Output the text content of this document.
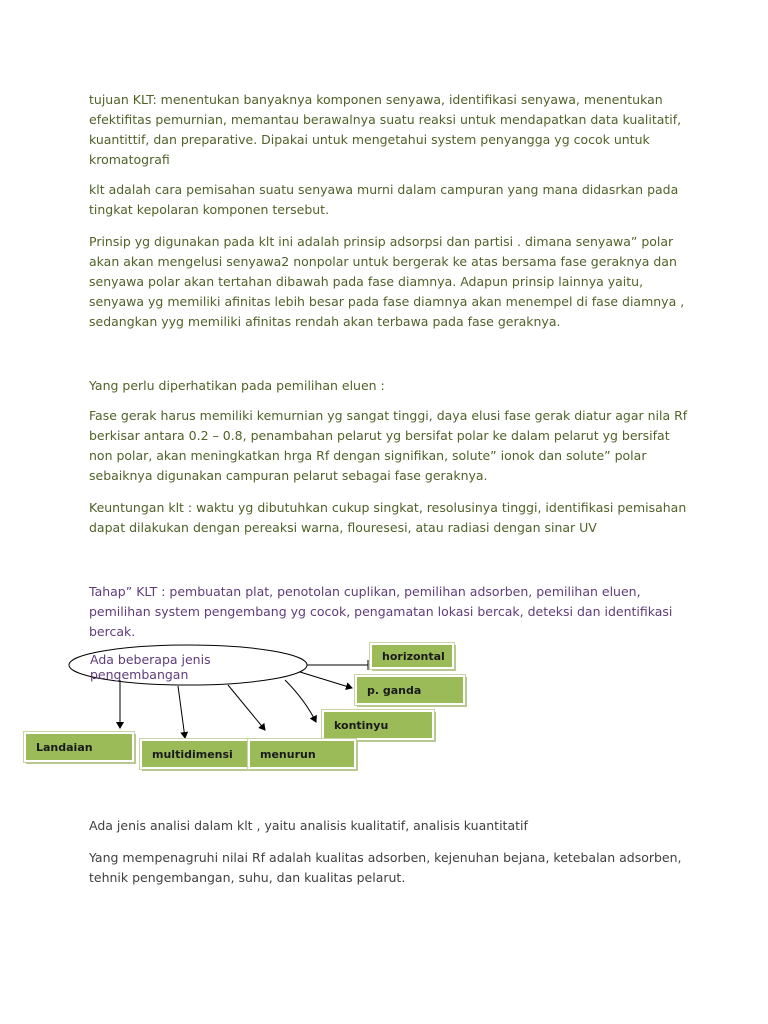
tujuan KLT: menentukan banyaknya komponen senyawa, identifikasi senyawa, menentukan efektifitas pemurnian, memantau berawalnya suatu reaksi untuk mendapatkan data kualitatif, kuantittif, dan preparative. Dipakai untuk mengetahui system penyangga yg cocok untuk kromatografi

klt adalah cara pemisahan suatu senyawa murni dalam campuran yang mana didasrkan pada tingkat kepolaran komponen tersebut.

Prinsip yg digunakan pada klt ini adalah prinsip adsorpsi dan partisi . dimana senyawa” polar akan akan mengelusi senyawa2 nonpolar untuk bergerak ke atas bersama fase geraknya dan senyawa polar akan tertahan dibawah pada fase diamnya. Adapun prinsip lainnya yaitu, senyawa yg memiliki afinitas lebih besar pada fase diamnya akan menempel di fase diamnya , sedangkan yyg memiliki afinitas rendah akan terbawa pada fase geraknya.

Yang perlu diperhatikan pada pemilihan eluen :

Fase gerak harus memiliki kemurnian yg sangat tinggi, daya elusi fase gerak diatur agar nila Rf berkisar antara 0.2 – 0.8, penambahan pelarut yg bersifat polar ke dalam pelarut yg bersifat non polar, akan meningkatkan hrga Rf dengan signifikan, solute” ionok dan solute” polar sebaiknya digunakan campuran pelarut sebagai fase geraknya.

Keuntungan klt : waktu yg dibutuhkan cukup singkat, resolusinya tinggi, identifikasi pemisahan dapat dilakukan dengan pereaksi warna, flouresesi, atau radiasi dengan sinar UV

Tahap” KLT : pembuatan plat, penotolan cuplikan, pemilihan adsorben, pemilihan eluen, pemilihan system pengembang yg cocok, pengamatan lokasi bercak, deteksi dan identifikasi bercak.

Ada beberapa jenis pengembangan

horizontal
p. ganda
kontinyu
Landaian
multidimensi menurun

Ada jenis analisi dalam klt , yaitu analisis kualitatif, analisis kuantitatif

Yang mempenagruhi nilai Rf adalah kualitas adsorben, kejenuhan bejana, ketebalan adsorben, tehnik pengembangan, suhu, dan kualitas pelarut.
